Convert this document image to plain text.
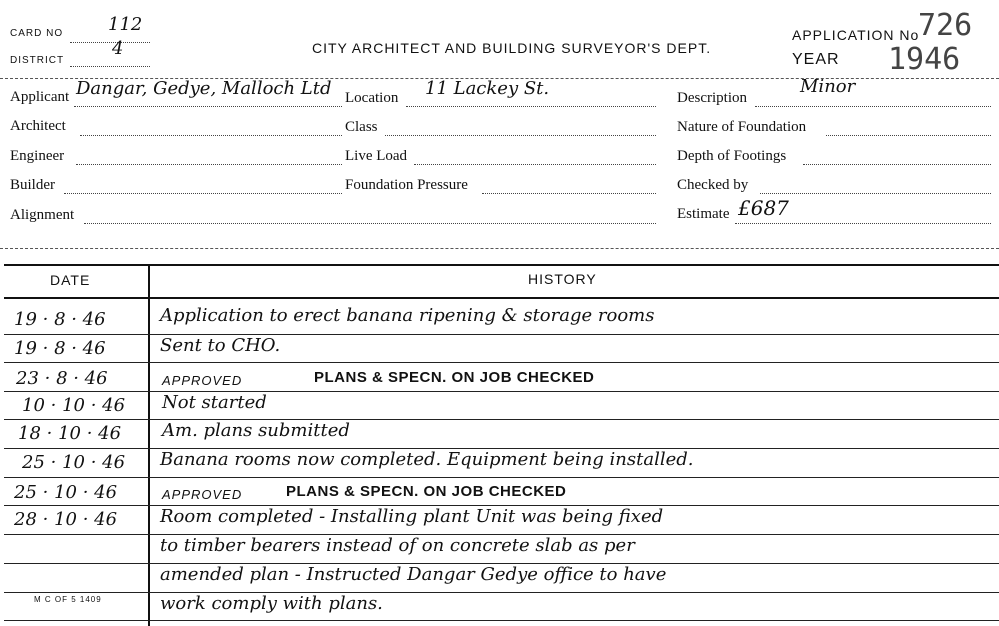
CARD NO 112
DISTRICT
4	CITY ARCHITECT AND BUILDING SURVEYOR'S DEPT.
APPLICATION No
726
YEAR 1946
Applicant Dangar, Gedye, Malloch Ltd Location 11 Lackey St.	Description
Minor
Architect	Class	Nature of Foundation
Engineer	Live Load	Depth of Footings
Builder	Foundation Pressure	Checked by
Alignment	Estimate £687
DATE	HISTORY
19 · 8 · 46	Application to erect banana ripening & storage rooms
19 · 8 · 46	Sent to CHO.
23 · 8 · 46	APPROVED	PLANS & SPECN. ON JOB CHECKED
10 · 10 · 46 Not started
18 · 10 · 46 Am. plans submitted
25 · 10 · 46 Banana rooms now completed. Equipment being installed.
25 · 10 · 46	APPROVED	PLANS & SPECN. ON JOB CHECKED
28 · 10 · 46 Room completed - Installing plant Unit was being fixed
to timber bearers instead of on concrete slab as per
amended plan - Instructed Dangar Gedye office to have
work comply with plans.
M C OF 5 1409
